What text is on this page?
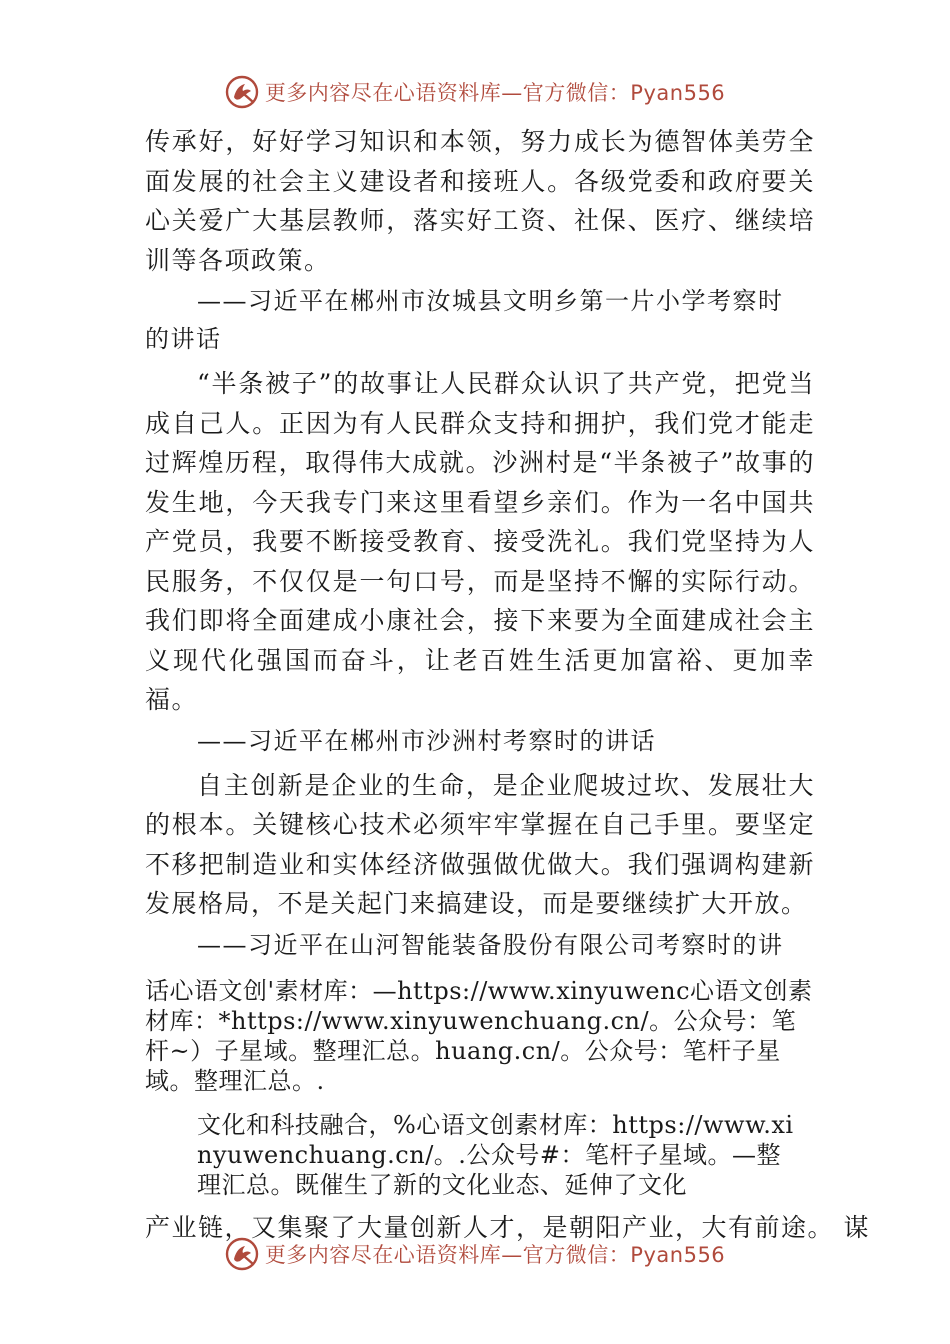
更多内容尽在心语资料库—官方微信：Pyan556

传承好，好好学习知识和本领，努力成长为德智体美劳全面发展的社会主义建设者和接班人。各级党委和政府要关心关爱广大基层教师，落实好工资、社保、医疗、继续培训等各项政策。

——习近平在郴州市汝城县文明乡第一片小学考察时
的讲话

“半条被子”的故事让人民群众认识了共产党，把党当成自己人。正因为有人民群众支持和拥护，我们党才能走过辉煌历程，取得伟大成就。沙洲村是“半条被子”故事的发生地，今天我专门来这里看望乡亲们。作为一名中国共产党员，我要不断接受教育、接受洗礼。我们党坚持为人民服务，不仅仅是一句口号，而是坚持不懈的实际行动。我们即将全面建成小康社会，接下来要为全面建成社会主义现代化强国而奋斗，让老百姓生活更加富裕、更加幸福。

——习近平在郴州市沙洲村考察时的讲话

自主创新是企业的生命，是企业爬坡过坎、发展壮大的根本。关键核心技术必须牢牢掌握在自己手里。要坚定不移把制造业和实体经济做强做优做大。我们强调构建新发展格局，不是关起门来搞建设，而是要继续扩大开放。

——习近平在山河智能装备股份有限公司考察时的讲

话心语文创'素材库：—https://www.xinyuwenc心语文创素材库：*https://www.xinyuwenchuang.cn/。公众号：笔杆~）子星域。整理汇总。huang.cn/。公众号：笔杆子星域。整理汇总。.

文化和科技融合，%心语文创素材库：https://www.xinyuwenchuang.cn/。.公众号#：笔杆子星域。—整理汇总。既催生了新的文化业态、延伸了文化

产业链，又集聚了大量创新人才，是朝阳产业，大有前途。 谋

更多内容尽在心语资料库—官方微信：Pyan556
